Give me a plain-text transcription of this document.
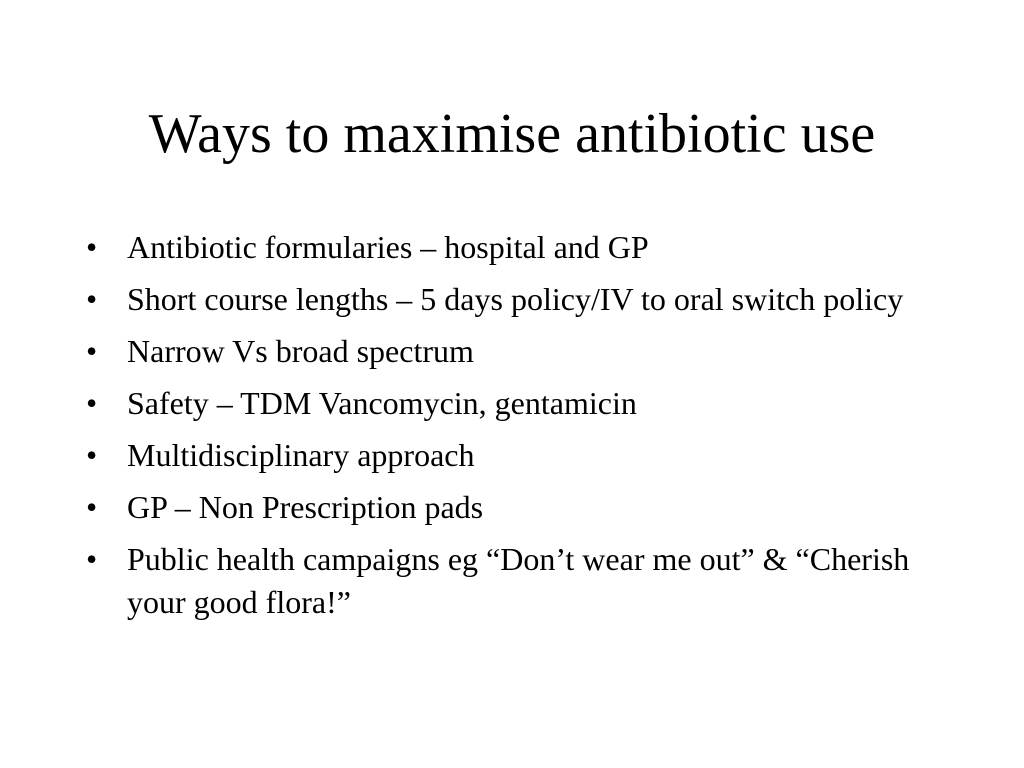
Ways to maximise antibiotic use
• Antibiotic formularies – hospital and GP
• Short course lengths – 5 days policy/IV to oral switch policy
• Narrow Vs broad spectrum
• Safety – TDM Vancomycin, gentamicin
• Multidisciplinary approach
• GP – Non Prescription pads
• Public health campaigns eg “Don’t wear me out” & “Cherish your good flora!”
